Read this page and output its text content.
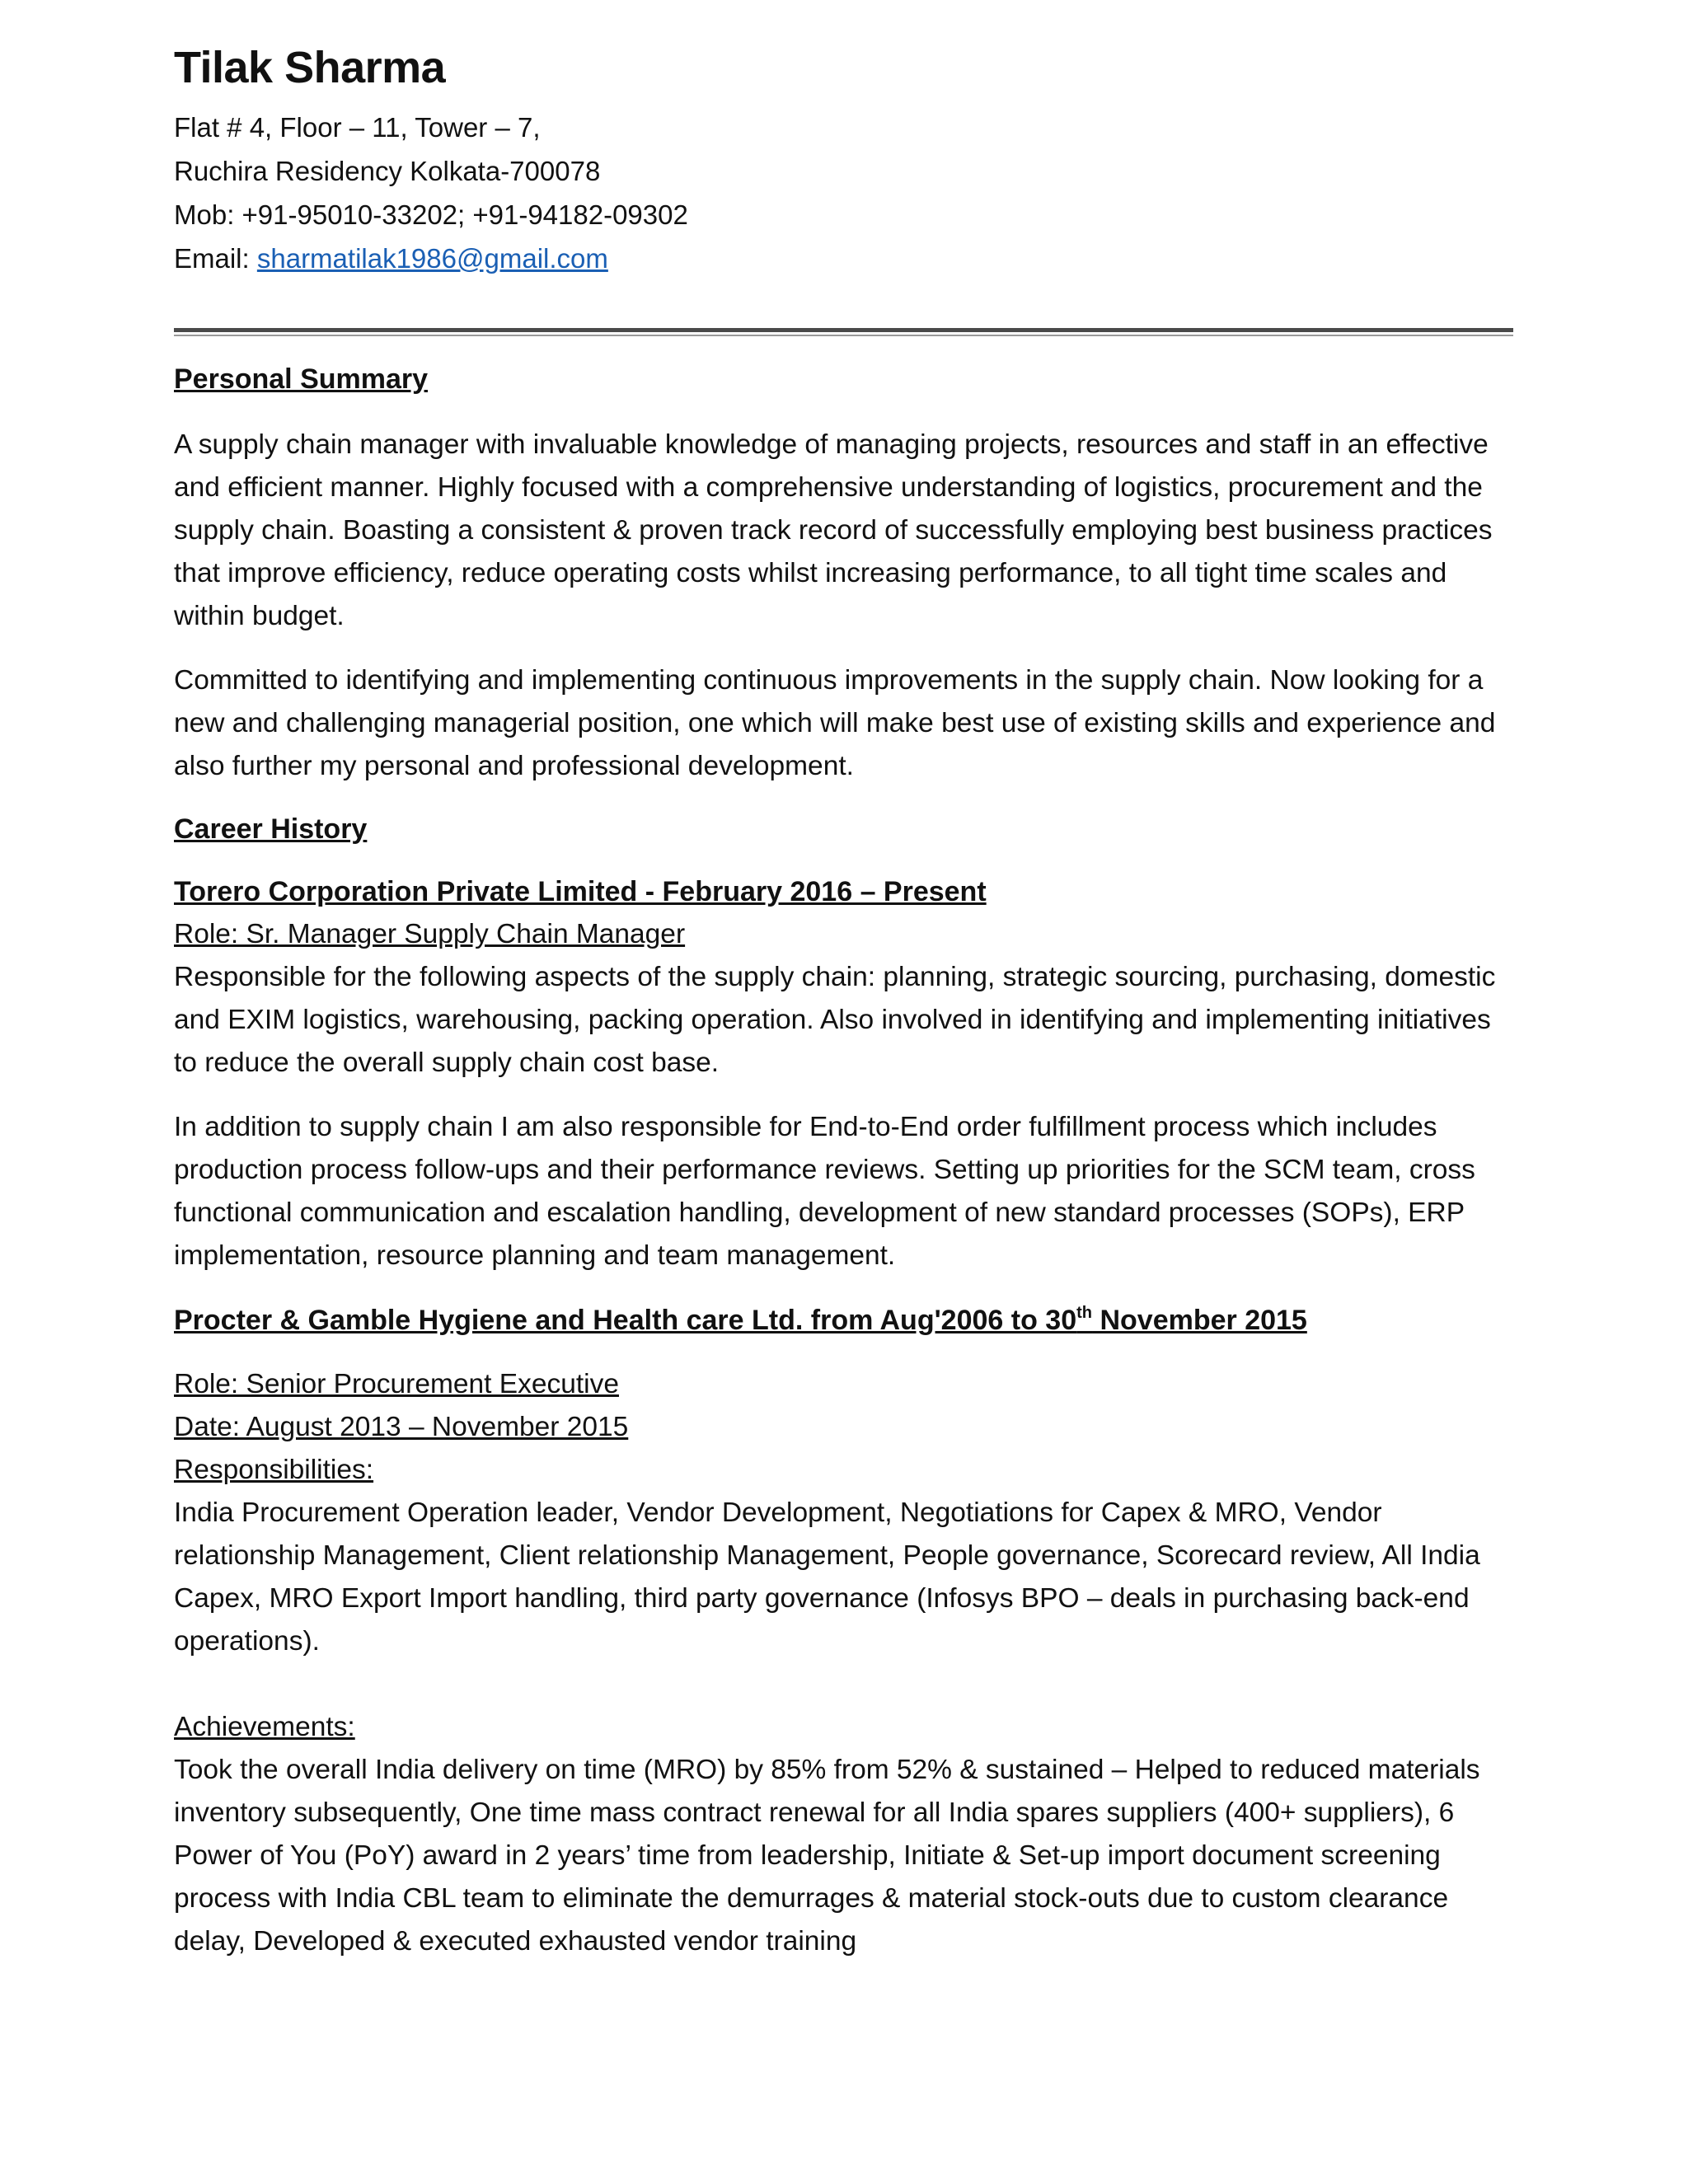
Tilak Sharma

Flat # 4, Floor – 11, Tower – 7,

Ruchira Residency Kolkata-700078

Mob: +91-95010-33202; +91-94182-09302

Email: sharmatilak1986@gmail.com

Personal Summary

A supply chain manager with invaluable knowledge of managing projects, resources and staff in an effective and efficient manner. Highly focused with a comprehensive understanding of logistics, procurement and the supply chain. Boasting a consistent & proven track record of successfully employing best business practices that improve efficiency, reduce operating costs whilst increasing performance, to all tight time scales and within budget.

Committed to identifying and implementing continuous improvements in the supply chain. Now looking for a new and challenging managerial position, one which will make best use of existing skills and experience and also further my personal and professional development.

Career History

Torero Corporation Private Limited - February 2016 – Present

Role: Sr. Manager Supply Chain Manager

Responsible for the following aspects of the supply chain: planning, strategic sourcing, purchasing, domestic and EXIM logistics, warehousing, packing operation. Also involved in identifying and implementing initiatives to reduce the overall supply chain cost base.

In addition to supply chain I am also responsible for End-to-End order fulfillment process which includes production process follow-ups and their performance reviews. Setting up priorities for the SCM team, cross functional communication and escalation handling, development of new standard processes (SOPs), ERP implementation, resource planning and team management.

Procter & Gamble Hygiene and Health care Ltd. from Aug'2006 to 30th November 2015

Role: Senior Procurement Executive

Date: August 2013 – November 2015

Responsibilities:

India Procurement Operation leader, Vendor Development, Negotiations for Capex & MRO, Vendor relationship Management, Client relationship Management, People governance, Scorecard review, All India Capex, MRO Export Import handling, third party governance (Infosys BPO – deals in purchasing back-end operations).

Achievements:

Took the overall India delivery on time (MRO) by 85% from 52% & sustained – Helped to reduced materials inventory subsequently, One time mass contract renewal for all India spares suppliers (400+ suppliers), 6 Power of You (PoY) award in 2 years’ time from leadership, Initiate & Set-up import document screening process with India CBL team to eliminate the demurrages & material stock-outs due to custom clearance delay, Developed & executed exhausted vendor training
